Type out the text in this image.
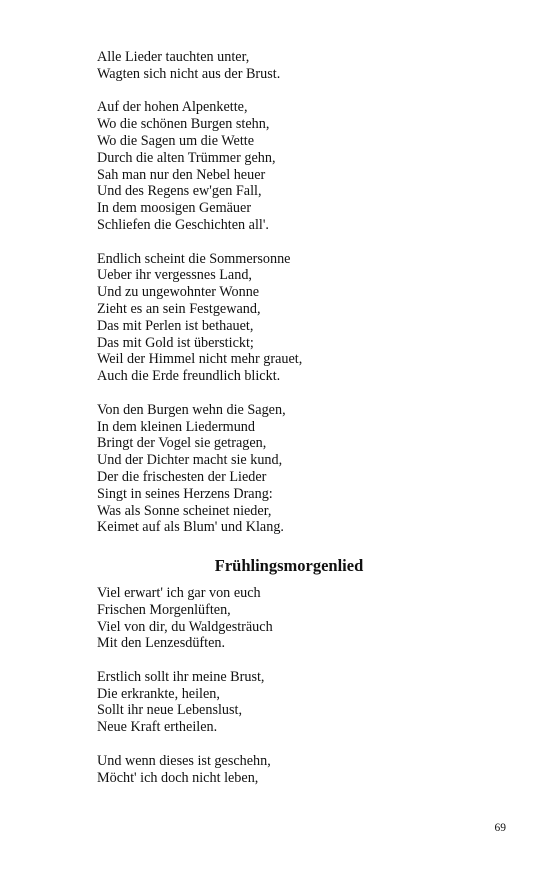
Alle Lieder tauchten unter,
Wagten sich nicht aus der Brust.
Auf der hohen Alpenkette,
Wo die schönen Burgen stehn,
Wo die Sagen um die Wette
Durch die alten Trümmer gehn,
Sah man nur den Nebel heuer
Und des Regens ew'gen Fall,
In dem moosigen Gemäuer
Schliefen die Geschichten all'.
Endlich scheint die Sommersonne
Ueber ihr vergessnes Land,
Und zu ungewohnter Wonne
Zieht es an sein Festgewand,
Das mit Perlen ist bethauet,
Das mit Gold ist überstickt;
Weil der Himmel nicht mehr grauet,
Auch die Erde freundlich blickt.
Von den Burgen wehn die Sagen,
In dem kleinen Liedermund
Bringt der Vogel sie getragen,
Und der Dichter macht sie kund,
Der die frischesten der Lieder
Singt in seines Herzens Drang:
Was als Sonne scheinet nieder,
Keimet auf als Blum' und Klang.
Frühlingsmorgenlied
Viel erwart' ich gar von euch
Frischen Morgenlüften,
Viel von dir, du Waldgesträuch
Mit den Lenzesdüften.
Erstlich sollt ihr meine Brust,
Die erkrankte, heilen,
Sollt ihr neue Lebenslust,
Neue Kraft ertheilen.
Und wenn dieses ist geschehn,
Möcht' ich doch nicht leben,
69
